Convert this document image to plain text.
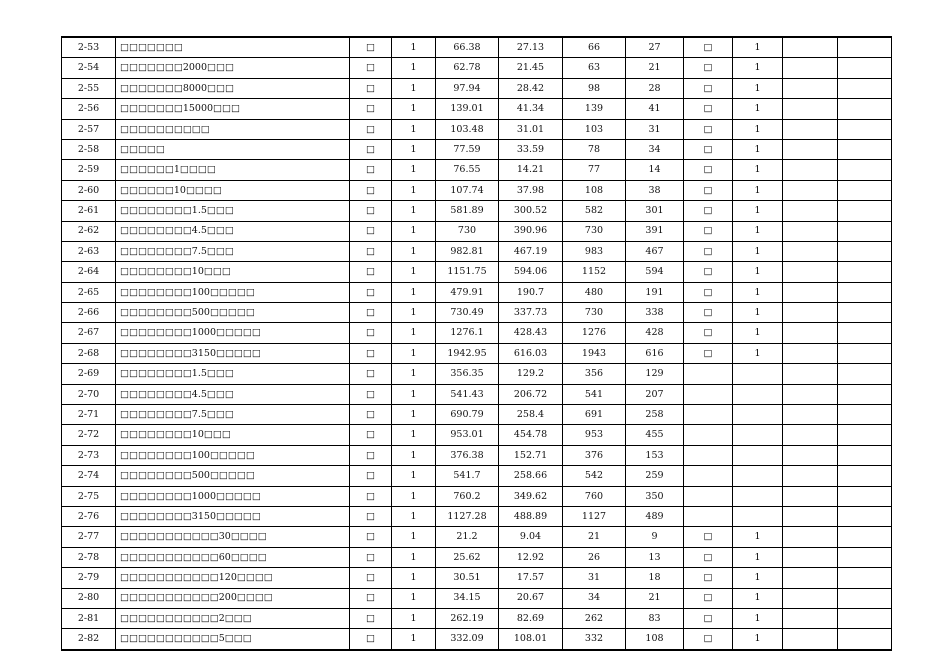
2-53	□□□□□□□	□	1	66.38	27.13	66	27	□	1		
2-54	□□□□□□□2000□□□	□	1	62.78	21.45	63	21	□	1		
2-55	□□□□□□□8000□□□	□	1	97.94	28.42	98	28	□	1		
2-56	□□□□□□□15000□□□	□	1	139.01	41.34	139	41	□	1		
2-57	□□□□□□□□□□	□	1	103.48	31.01	103	31	□	1		
2-58	□□□□□	□	1	77.59	33.59	78	34	□	1		
2-59	□□□□□□1□□□□	□	1	76.55	14.21	77	14	□	1		
2-60	□□□□□□10□□□□	□	1	107.74	37.98	108	38	□	1		
2-61	□□□□□□□□1.5□□□	□	1	581.89	300.52	582	301	□	1		
2-62	□□□□□□□□4.5□□□	□	1	730	390.96	730	391	□	1		
2-63	□□□□□□□□7.5□□□	□	1	982.81	467.19	983	467	□	1		
2-64	□□□□□□□□10□□□	□	1	1151.75	594.06	1152	594	□	1		
2-65	□□□□□□□□100□□□□□	□	1	479.91	190.7	480	191	□	1		
2-66	□□□□□□□□500□□□□□	□	1	730.49	337.73	730	338	□	1		
2-67	□□□□□□□□1000□□□□□	□	1	1276.1	428.43	1276	428	□	1		
2-68	□□□□□□□□3150□□□□□	□	1	1942.95	616.03	1943	616	□	1		
2-69	□□□□□□□□1.5□□□	□	1	356.35	129.2	356	129				
2-70	□□□□□□□□4.5□□□	□	1	541.43	206.72	541	207				
2-71	□□□□□□□□7.5□□□	□	1	690.79	258.4	691	258				
2-72	□□□□□□□□10□□□	□	1	953.01	454.78	953	455				
2-73	□□□□□□□□100□□□□□	□	1	376.38	152.71	376	153				
2-74	□□□□□□□□500□□□□□	□	1	541.7	258.66	542	259				
2-75	□□□□□□□□1000□□□□□	□	1	760.2	349.62	760	350				
2-76	□□□□□□□□3150□□□□□	□	1	1127.28	488.89	1127	489				
2-77	□□□□□□□□□□□30□□□□	□	1	21.2	9.04	21	9	□	1		
2-78	□□□□□□□□□□□60□□□□	□	1	25.62	12.92	26	13	□	1		
2-79	□□□□□□□□□□□120□□□□	□	1	30.51	17.57	31	18	□	1		
2-80	□□□□□□□□□□□200□□□□	□	1	34.15	20.67	34	21	□	1		
2-81	□□□□□□□□□□□2□□□	□	1	262.19	82.69	262	83	□	1		
2-82	□□□□□□□□□□□5□□□	□	1	332.09	108.01	332	108	□	1		
